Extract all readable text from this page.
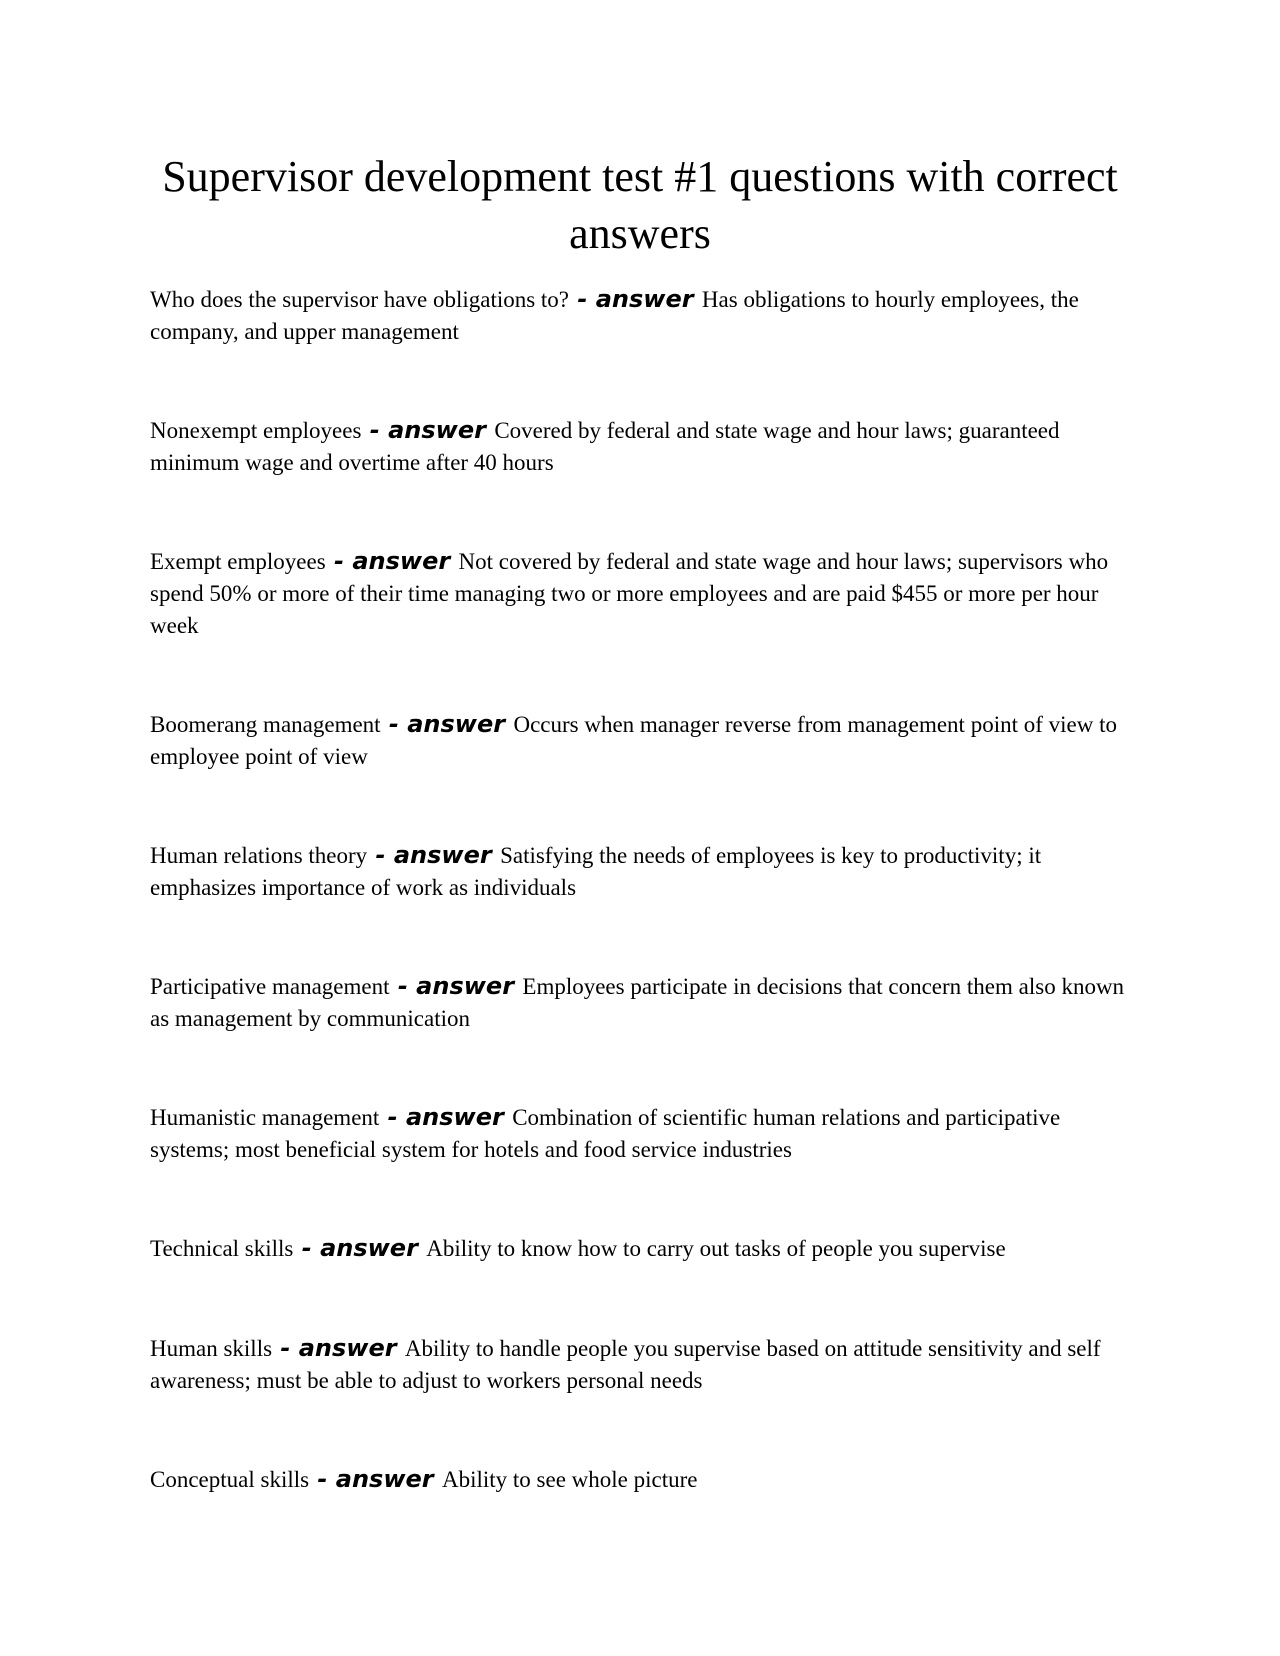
Supervisor development test #1 questions with correct answers

Who does the supervisor have obligations to? - answer Has obligations to hourly employees, the company, and upper management

Nonexempt employees - answer Covered by federal and state wage and hour laws; guaranteed minimum wage and overtime after 40 hours

Exempt employees - answer Not covered by federal and state wage and hour laws; supervisors who spend 50% or more of their time managing two or more employees and are paid $455 or more per hour week

Boomerang management - answer Occurs when manager reverse from management point of view to employee point of view

Human relations theory - answer Satisfying the needs of employees is key to productivity; it emphasizes importance of work as individuals

Participative management - answer Employees participate in decisions that concern them also known as management by communication

Humanistic management - answer Combination of scientific human relations and participative systems; most beneficial system for hotels and food service industries

Technical skills - answer Ability to know how to carry out tasks of people you supervise

Human skills - answer Ability to handle people you supervise based on attitude sensitivity and self awareness; must be able to adjust to workers personal needs

Conceptual skills - answer Ability to see whole picture
